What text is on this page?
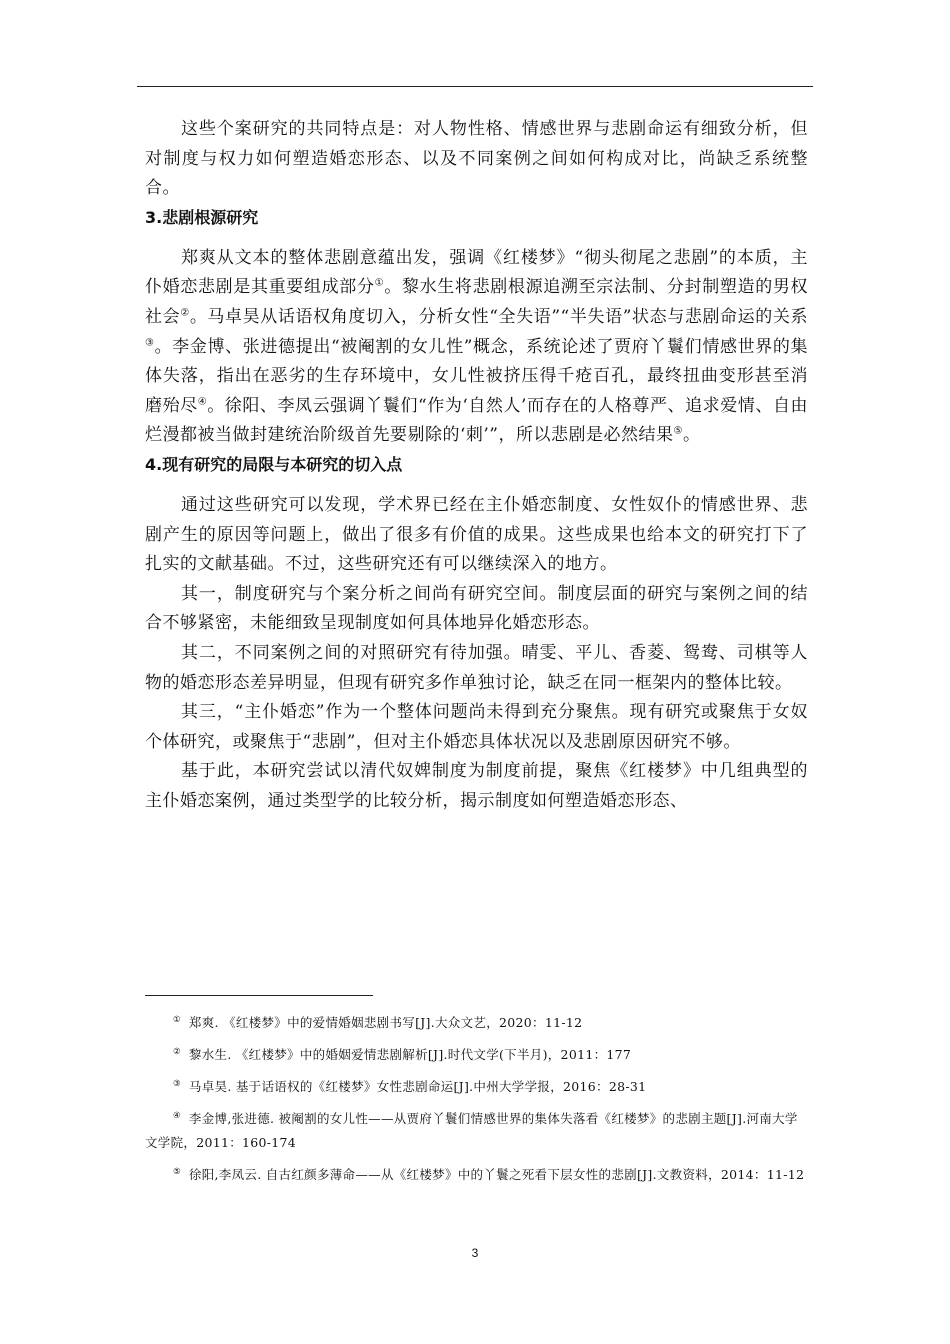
这些个案研究的共同特点是：对人物性格、情感世界与悲剧命运有细致分析，但对制度与权力如何塑造婚恋形态、以及不同案例之间如何构成对比，尚缺乏系统整合。

3.悲剧根源研究

郑爽从文本的整体悲剧意蕴出发，强调《红楼梦》“彻头彻尾之悲剧”的本质，主仆婚恋悲剧是其重要组成部分①。黎水生将悲剧根源追溯至宗法制、分封制塑造的男权社会②。马卓昊从话语权角度切入，分析女性“全失语”“半失语”状态与悲剧命运的关系③。李金博、张进德提出“被阉割的女儿性”概念，系统论述了贾府丫鬟们情感世界的集体失落，指出在恶劣的生存环境中，女儿性被挤压得千疮百孔，最终扭曲变形甚至消磨殆尽④。徐阳、李凤云强调丫鬟们“作为‘自然人’而存在的人格尊严、追求爱情、自由烂漫都被当做封建统治阶级首先要剔除的‘刺’”，所以悲剧是必然结果⑤。

4.现有研究的局限与本研究的切入点

通过这些研究可以发现，学术界已经在主仆婚恋制度、女性奴仆的情感世界、悲剧产生的原因等问题上，做出了很多有价值的成果。这些成果也给本文的研究打下了扎实的文献基础。不过，这些研究还有可以继续深入的地方。

其一，制度研究与个案分析之间尚有研究空间。制度层面的研究与案例之间的结合不够紧密，未能细致呈现制度如何具体地异化婚恋形态。

其二，不同案例之间的对照研究有待加强。晴雯、平儿、香菱、鸳鸯、司棋等人物的婚恋形态差异明显，但现有研究多作单独讨论，缺乏在同一框架内的整体比较。

其三，“主仆婚恋”作为一个整体问题尚未得到充分聚焦。现有研究或聚焦于女奴个体研究，或聚焦于“悲剧”，但对主仆婚恋具体状况以及悲剧原因研究不够。

基于此，本研究尝试以清代奴婢制度为制度前提，聚焦《红楼梦》中几组典型的主仆婚恋案例，通过类型学的比较分析，揭示制度如何塑造婚恋形态、

① 郑爽. 《红楼梦》中的爱情婚姻悲剧书写[J].大众文艺，2020：11-12

② 黎水生. 《红楼梦》中的婚姻爱情悲剧解析[J].时代文学(下半月)，2011：177

③ 马卓昊. 基于话语权的《红楼梦》女性悲剧命运[J].中州大学学报，2016：28-31

④ 李金博,张进德. 被阉割的女儿性——从贾府丫鬟们情感世界的集体失落看《红楼梦》的悲剧主题[J].河南大学文学院，2011：160-174

⑤ 徐阳,李凤云. 自古红颜多薄命——从《红楼梦》中的丫鬟之死看下层女性的悲剧[J].文教资料，2014：11-12

3
